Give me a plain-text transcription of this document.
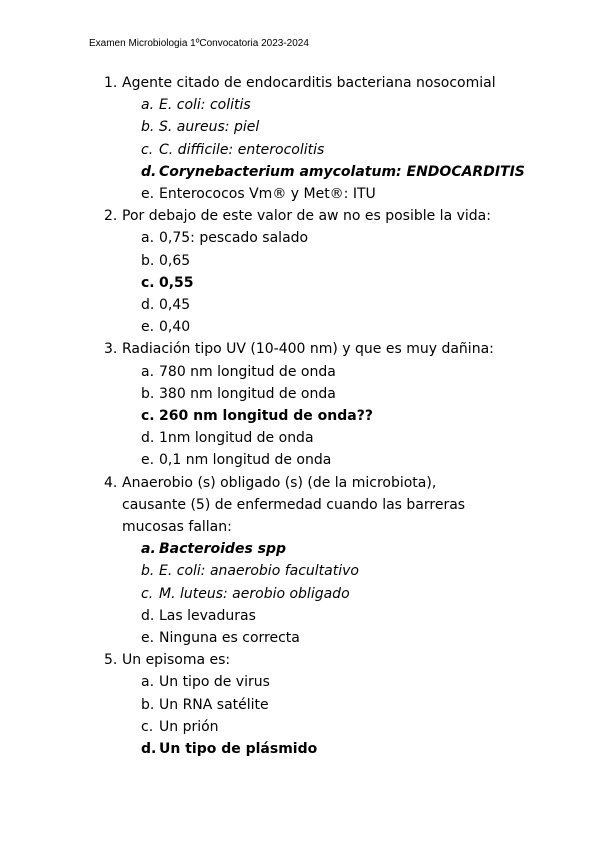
Examen Microbiologia 1ºConvocatoria 2023-2024
1. Agente citado de endocarditis bacteriana nosocomial
a. E. coli: colitis
b. S. aureus: piel
c. C. difficile: enterocolitis
d. Corynebacterium amycolatum: ENDOCARDITIS
e. Enterococos Vm® y Met®: ITU
2. Por debajo de este valor de aw no es posible la vida:
a. 0,75: pescado salado
b. 0,65
c. 0,55
d. 0,45
e. 0,40
3. Radiación tipo UV (10-400 nm) y que es muy dañina:
a. 780 nm longitud de onda
b. 380 nm longitud de onda
c. 260 nm longitud de onda??
d. 1nm longitud de onda
e. 0,1 nm longitud de onda
4. Anaerobio (s) obligado (s) (de la microbiota),
causante (5) de enfermedad cuando las barreras
mucosas fallan:
a. Bacteroides spp
b. E. coli: anaerobio facultativo
c. M. luteus: aerobio obligado
d. Las levaduras
e. Ninguna es correcta
5. Un episoma es:
a. Un tipo de virus
b. Un RNA satélite
c. Un prión
d. Un tipo de plásmido
